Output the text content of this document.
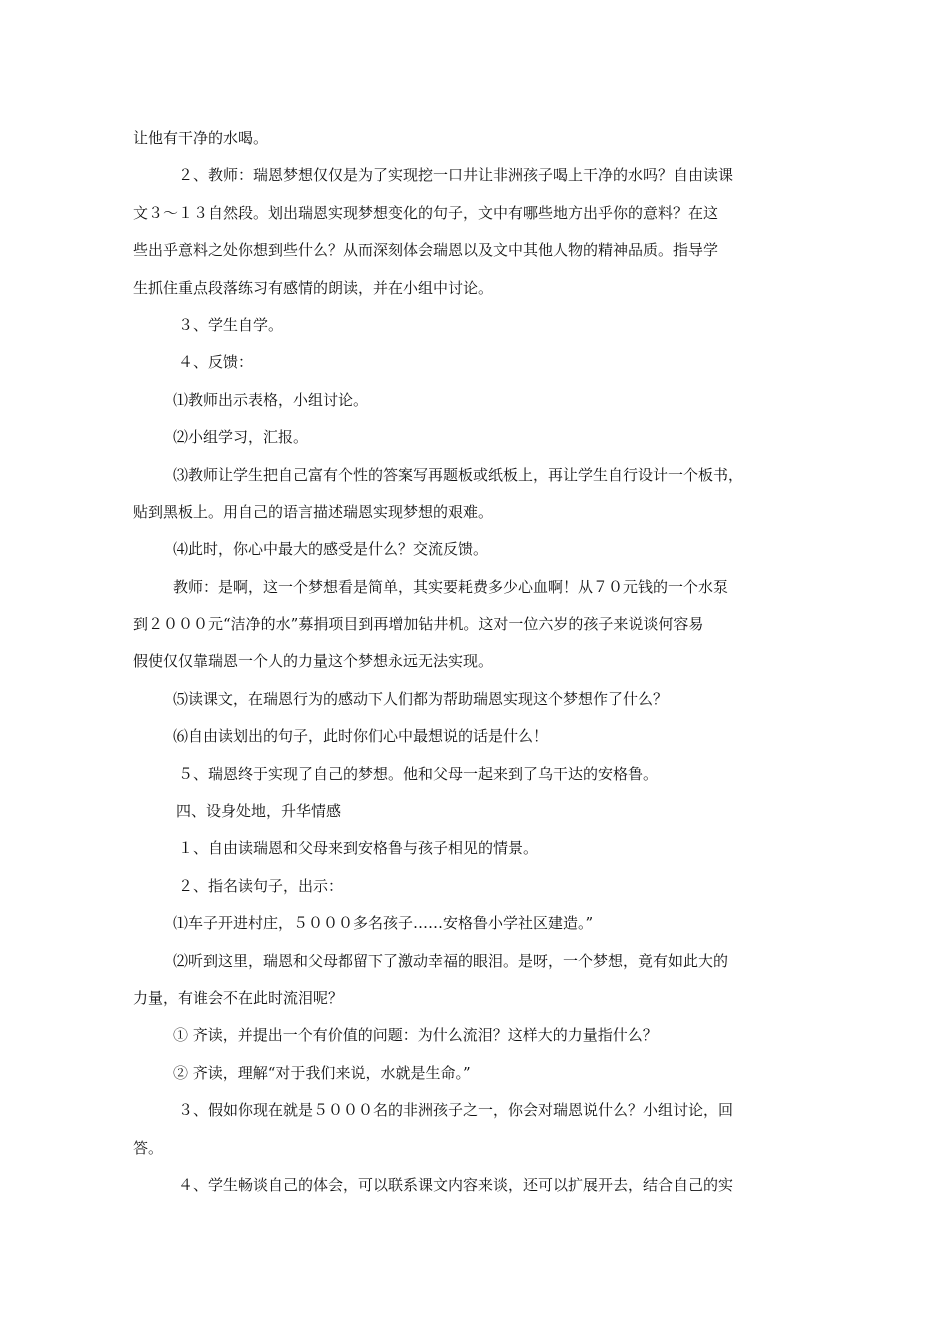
让他有干净的水喝。
２、教师：瑞恩梦想仅仅是为了实现挖一口井让非洲孩子喝上干净的水吗？自由读课
文３～１３自然段。划出瑞恩实现梦想变化的句子，文中有哪些地方出乎你的意料？在这
些出乎意料之处你想到些什么？从而深刻体会瑞恩以及文中其他人物的精神品质。指导学
生抓住重点段落练习有感情的朗读，并在小组中讨论。
３、学生自学。
４、反馈：
⑴教师出示表格，小组讨论。
⑵小组学习，汇报。
⑶教师让学生把自己富有个性的答案写再题板或纸板上，再让学生自行设计一个板书，
贴到黑板上。用自己的语言描述瑞恩实现梦想的艰难。
⑷此时，你心中最大的感受是什么？交流反馈。
教师：是啊，这一个梦想看是简单，其实要耗费多少心血啊！从７０元钱的一个水泵
到２０００元“洁净的水”募捐项目到再增加钻井机。这对一位六岁的孩子来说谈何容易
假使仅仅靠瑞恩一个人的力量这个梦想永远无法实现。
⑸读课文，在瑞恩行为的感动下人们都为帮助瑞恩实现这个梦想作了什么？
⑹自由读划出的句子，此时你们心中最想说的话是什么！
５、瑞恩终于实现了自己的梦想。他和父母一起来到了乌干达的安格鲁。
四、设身处地，升华情感
１、自由读瑞恩和父母来到安格鲁与孩子相见的情景。
２、指名读句子，出示：
⑴车子开进村庄，５０００多名孩子……安格鲁小学社区建造。”
⑵听到这里，瑞恩和父母都留下了激动幸福的眼泪。是呀，一个梦想，竟有如此大的
力量，有谁会不在此时流泪呢？
① 齐读，并提出一个有价值的问题：为什么流泪？这样大的力量指什么？
② 齐读，理解“对于我们来说，水就是生命。”
３、假如你现在就是５０００名的非洲孩子之一，你会对瑞恩说什么？小组讨论，回
答。
４、学生畅谈自己的体会，可以联系课文内容来谈，还可以扩展开去，结合自己的实
